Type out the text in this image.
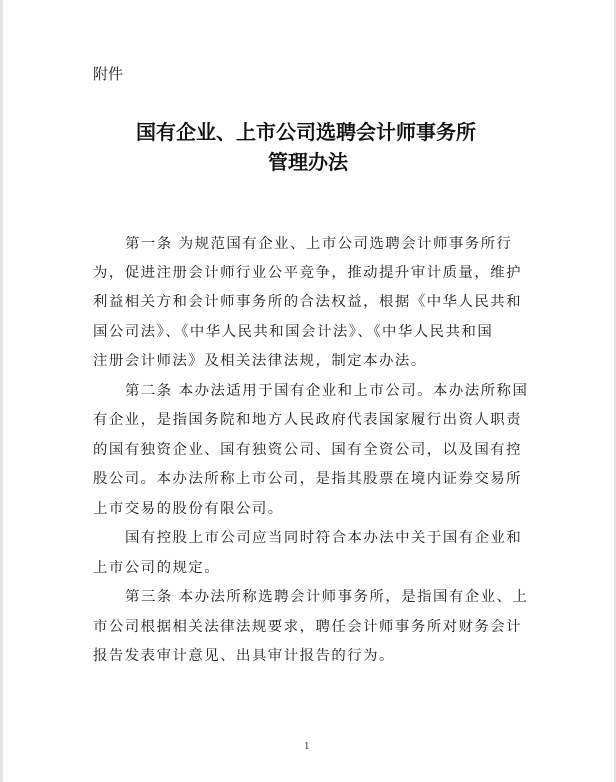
附件
国有企业、上市公司选聘会计师事务所
管理办法
第一条 为规范国有企业、上市公司选聘会计师事务所行
为，促进注册会计师行业公平竞争，推动提升审计质量，维护
利益相关方和会计师事务所的合法权益，根据《中华人民共和
国公司法》、《中华人民共和国会计法》、《中华人民共和国
注册会计师法》及相关法律法规，制定本办法。
第二条 本办法适用于国有企业和上市公司。本办法所称国
有企业，是指国务院和地方人民政府代表国家履行出资人职责
的国有独资企业、国有独资公司、国有全资公司，以及国有控
股公司。本办法所称上市公司，是指其股票在境内证券交易所
上市交易的股份有限公司。
国有控股上市公司应当同时符合本办法中关于国有企业和
上市公司的规定。
第三条 本办法所称选聘会计师事务所，是指国有企业、上
市公司根据相关法律法规要求，聘任会计师事务所对财务会计
报告发表审计意见、出具审计报告的行为。
1
